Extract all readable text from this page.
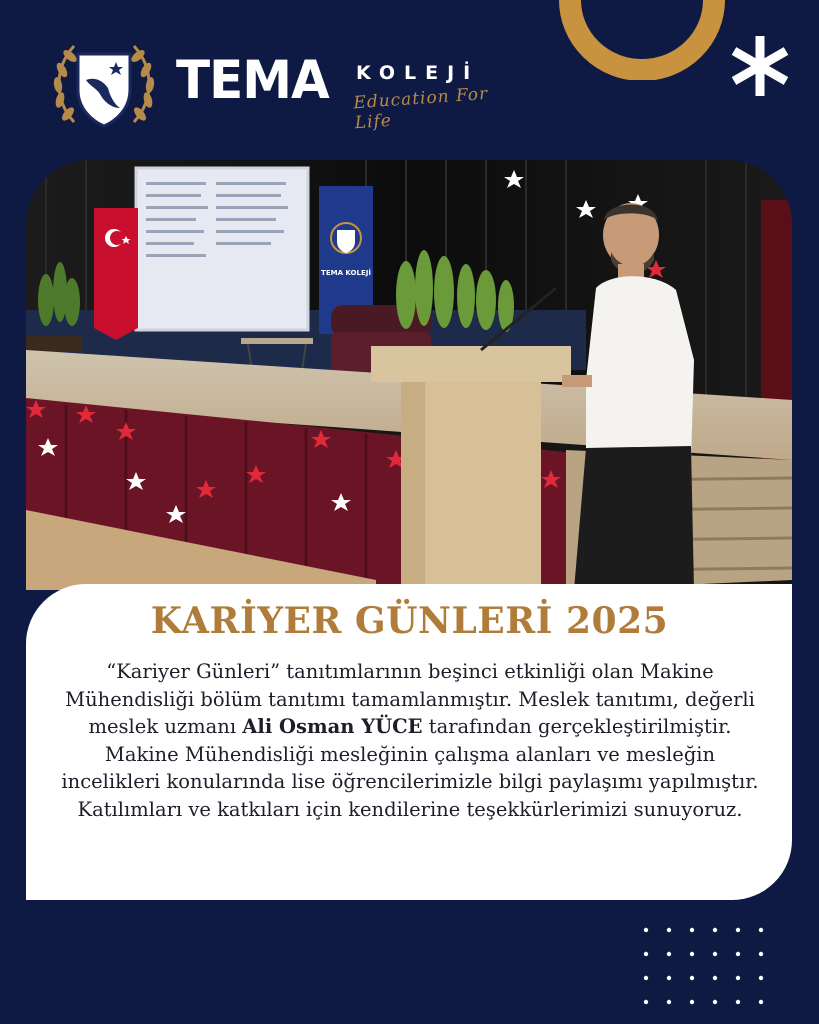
TEMA KOLEJİ
Education For Life
TEMA KOLEJİ
KARİYER GÜNLERİ 2025
“Kariyer Günleri” tanıtımlarının beşinci etkinliği olan Makine Mühendisliği bölüm tanıtımı tamamlanmıştır. Meslek tanıtımı, değerli meslek uzmanı Ali Osman YÜCE tarafından gerçekleştirilmiştir. Makine Mühendisliği mesleğinin çalışma alanları ve mesleğin incelikleri konularında lise öğrencilerimizle bilgi paylaşımı yapılmıştır. Katılımları ve katkıları için kendilerine teşekkürlerimizi sunuyoruz.
